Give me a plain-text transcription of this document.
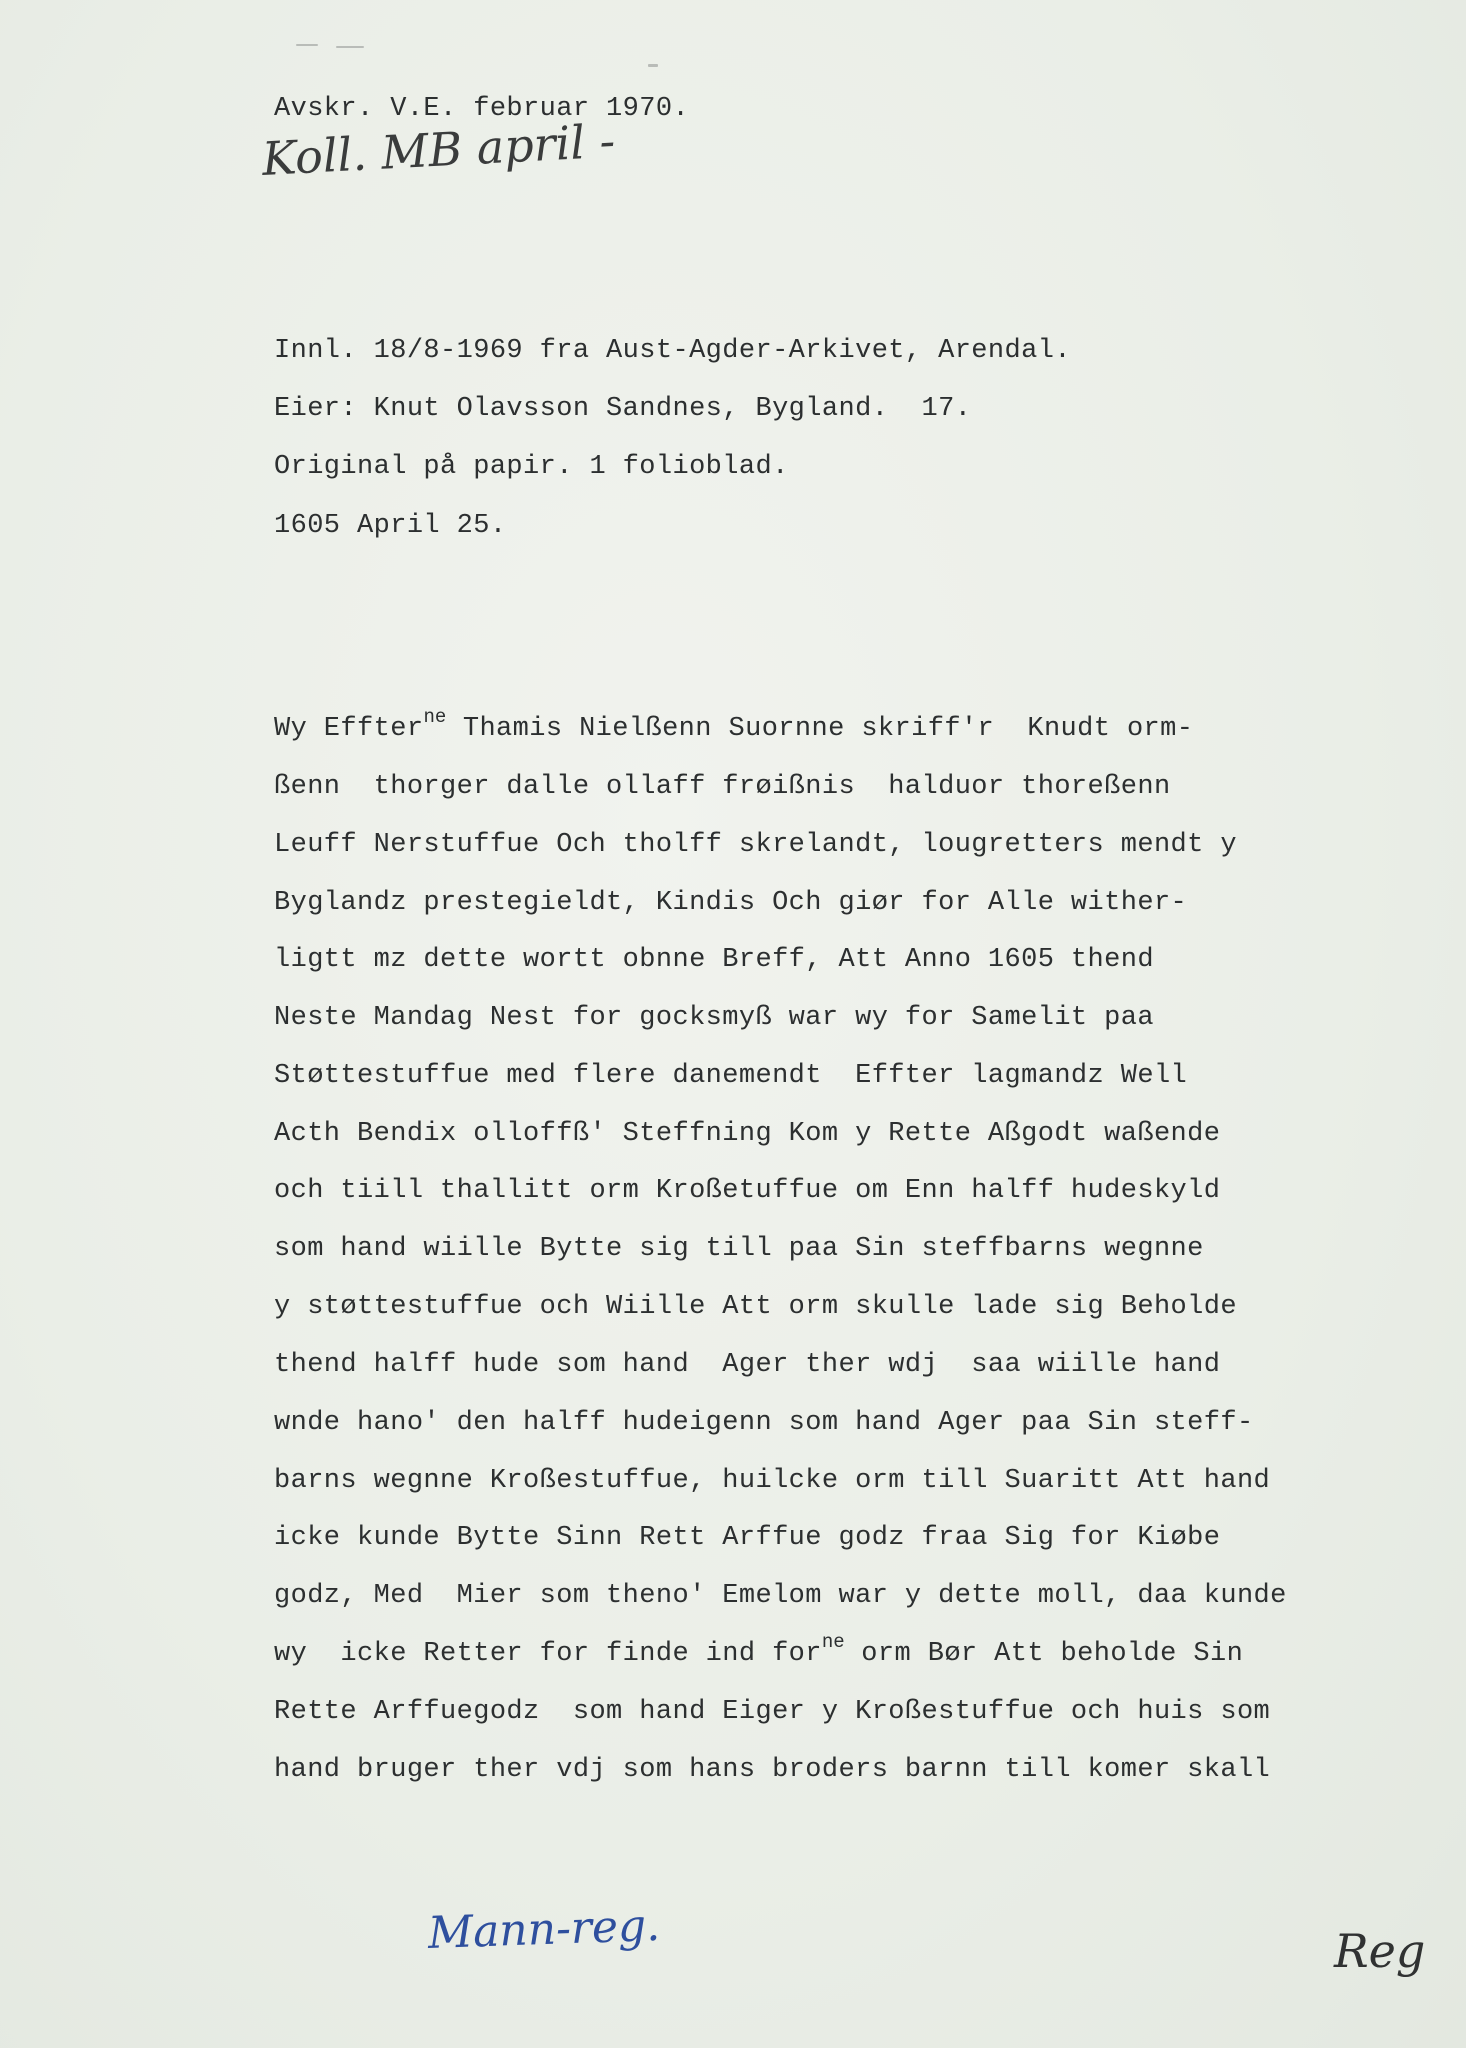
Avskr. V.E. februar 1970.
Koll. MB april -
Innl. 18/8-1969 fra Aust-Agder-Arkivet, Arendal.
Eier: Knut Olavsson Sandnes, Bygland.  17.
Original på papir. 1 folioblad.
1605 April 25.
Wy Effter$^{ne}$ Thamis Nielßenn Suornne skriff'r  Knudt orm-
ßenn  thorger dalle ollaff frøißnis  halduor thoreßenn
Leuff Nerstuffue Och tholff skrelandt, lougretters mendt y
Byglandz prestegieldt, Kindis Och giør for Alle wither-
ligtt mz dette wortt obnne Breff, Att Anno 1605 thend
Neste Mandag Nest for gocksmyß war wy for Samelit paa
Støttestuffue med flere danemendt  Effter lagmandz Well
Acth Bendix olloffß' Steffning Kom y Rette Aßgodt waßende
och tiill thallitt orm Kroßetuffue om Enn halff hudeskyld
som hand wiille Bytte sig till paa Sin steffbarns wegnne
y støttestuffue och Wiille Att orm skulle lade sig Beholde
thend halff hude som hand  Ager ther wdj  saa wiille hand
wnde hano' den halff hudeigenn som hand Ager paa Sin steff-
barns wegnne Kroßestuffue, huilcke orm till Suaritt Att hand
icke kunde Bytte Sinn Rett Arffue godz fraa Sig for Kiøbe
godz, Med  Mier som theno' Emelom war y dette moll, daa kunde
wy  icke Retter for finde ind for$^{ne}$ orm Bør Att beholde Sin
Rette Arffuegodz  som hand Eiger y Kroßestuffue och huis som
hand bruger ther vdj som hans broders barnn till komer skall
Mann-reg.	Reg
